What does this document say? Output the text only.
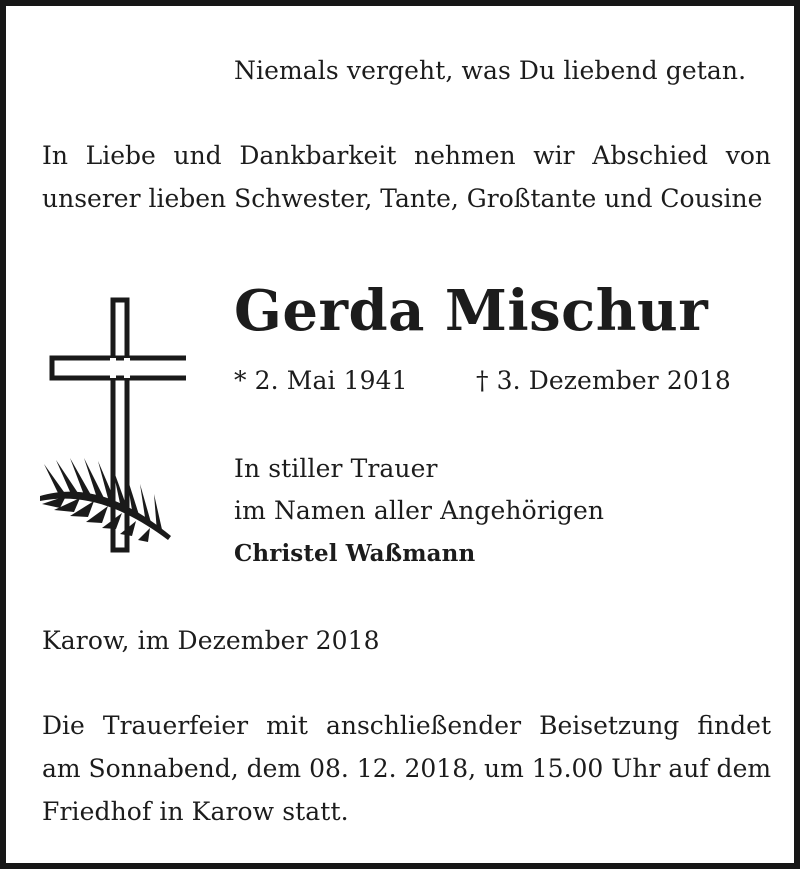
Niemals vergeht, was Du liebend getan.
In Liebe und Dankbarkeit nehmen wir Abschied von
unserer lieben Schwester, Tante, Großtante und Cousine
Gerda Mischur
* 2. Mai 1941	† 3. Dezember 2018
In stiller Trauer
im Namen aller Angehörigen
Christel Waßmann
Karow, im Dezember 2018
Die Trauerfeier mit anschließender Beisetzung findet
am Sonnabend, dem 08. 12. 2018, um 15.00 Uhr auf dem
Friedhof in Karow statt.
